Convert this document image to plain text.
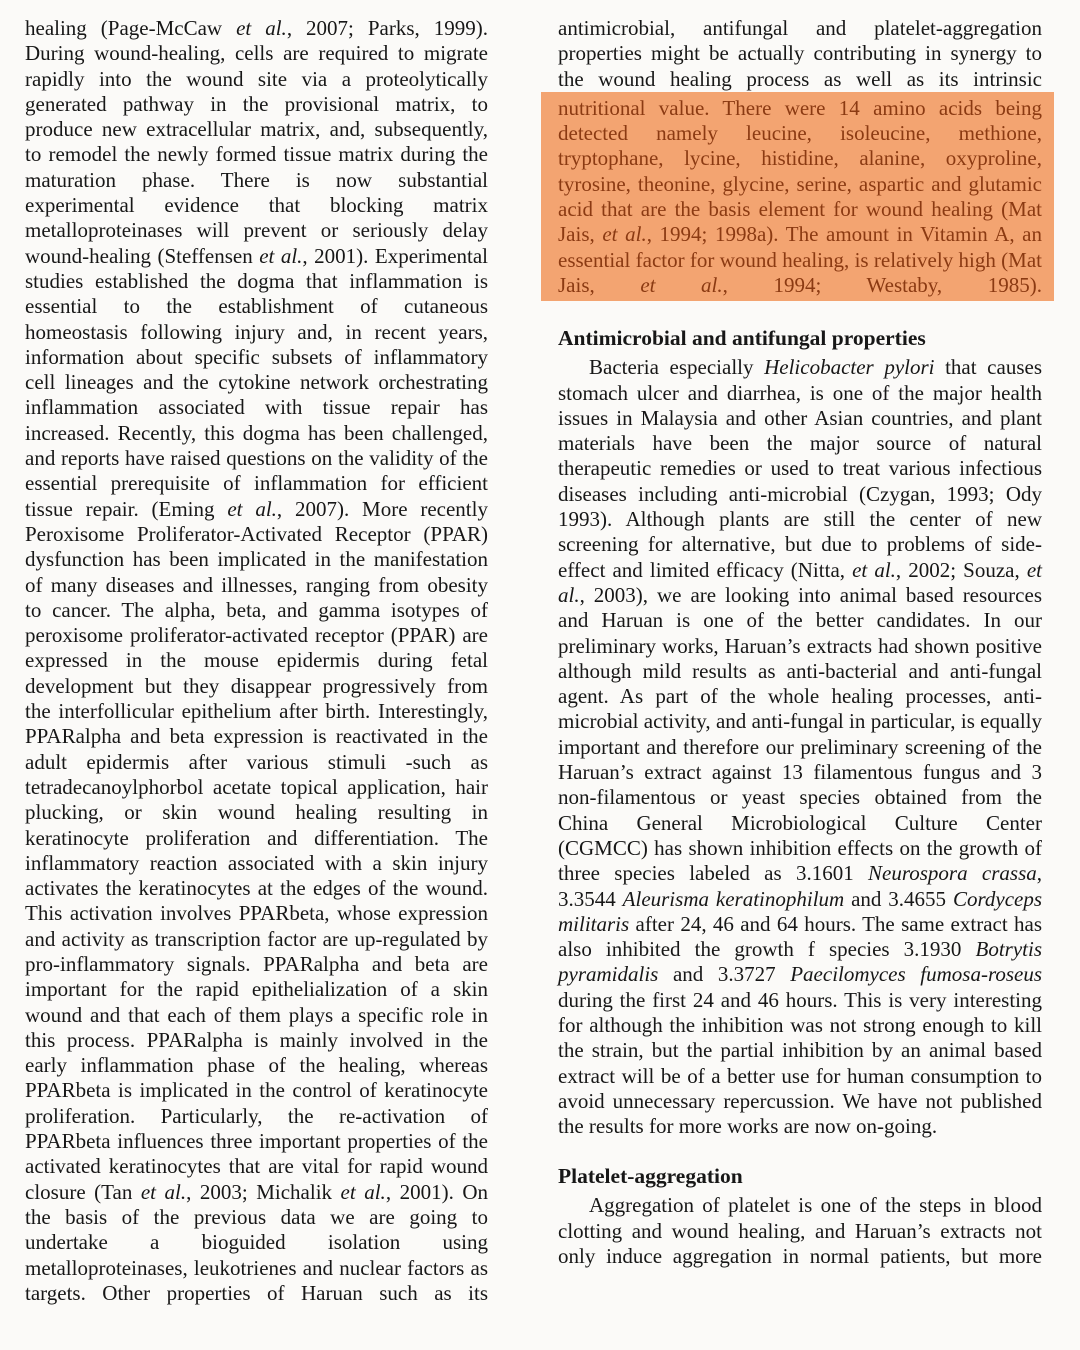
healing (Page-McCaw et al., 2007; Parks, 1999). During wound-healing, cells are required to migrate rapidly into the wound site via a proteolytically generated pathway in the provisional matrix, to produce new extracellular matrix, and, subsequently, to remodel the newly formed tissue matrix during the maturation phase. There is now substantial experimental evidence that blocking matrix metalloproteinases will prevent or seriously delay wound-healing (Steffensen et al., 2001). Experimental studies established the dogma that inflammation is essential to the establishment of cutaneous homeostasis following injury and, in recent years, information about specific subsets of inflammatory cell lineages and the cytokine network orchestrating inflammation associated with tissue repair has increased. Recently, this dogma has been challenged, and reports have raised questions on the validity of the essential prerequisite of inflammation for efficient tissue repair. (Eming et al., 2007). More recently Peroxisome Proliferator-Activated Receptor (PPAR) dysfunction has been implicated in the manifestation of many diseases and illnesses, ranging from obesity to cancer. The alpha, beta, and gamma isotypes of peroxisome proliferator-activated receptor (PPAR) are expressed in the mouse epidermis during fetal development but they disappear progressively from the interfollicular epithelium after birth. Interestingly, PPARalpha and beta expression is reactivated in the adult epidermis after various stimuli -such as tetradecanoylphorbol acetate topical application, hair plucking, or skin wound healing resulting in keratinocyte proliferation and differentiation. The inflammatory reaction associated with a skin injury activates the keratinocytes at the edges of the wound. This activation involves PPARbeta, whose expression and activity as transcription factor are up-regulated by pro-inflammatory signals. PPARalpha and beta are important for the rapid epithelialization of a skin wound and that each of them plays a specific role in this process. PPARalpha is mainly involved in the early inflammation phase of the healing, whereas PPARbeta is implicated in the control of keratinocyte proliferation. Particularly, the re-activation of PPARbeta influences three important properties of the activated keratinocytes that are vital for rapid wound closure (Tan et al., 2003; Michalik et al., 2001). On the basis of the previous data we are going to undertake a bioguided isolation using metalloproteinases, leukotrienes and nuclear factors as targets. Other properties of Haruan such as its

antimicrobial, antifungal and platelet-aggregation properties might be actually contributing in synergy to the wound healing process as well as its intrinsic

nutritional value. There were 14 amino acids being detected namely leucine, isoleucine, methione, tryptophane, lycine, histidine, alanine, oxyproline, tyrosine, theonine, glycine, serine, aspartic and glutamic acid that are the basis element for wound healing (Mat Jais, et al., 1994; 1998a). The amount in Vitamin A, an essential factor for wound healing, is relatively high (Mat Jais, et al., 1994; Westaby, 1985).

Antimicrobial and antifungal properties

Bacteria especially Helicobacter pylori that causes stomach ulcer and diarrhea, is one of the major health issues in Malaysia and other Asian countries, and plant materials have been the major source of natural therapeutic remedies or used to treat various infectious diseases including anti-microbial (Czygan, 1993; Ody 1993). Although plants are still the center of new screening for alternative, but due to problems of side-effect and limited efficacy (Nitta, et al., 2002; Souza, et al., 2003), we are looking into animal based resources and Haruan is one of the better candidates. In our preliminary works, Haruan’s extracts had shown positive although mild results as anti-bacterial and anti-fungal agent. As part of the whole healing processes, anti-microbial activity, and anti-fungal in particular, is equally important and therefore our preliminary screening of the Haruan’s extract against 13 filamentous fungus and 3 non-filamentous or yeast species obtained from the China General Microbiological Culture Center (CGMCC) has shown inhibition effects on the growth of three species labeled as 3.1601 Neurospora crassa, 3.3544 Aleurisma keratinophilum and 3.4655 Cordyceps militaris after 24, 46 and 64 hours. The same extract has also inhibited the growth f species 3.1930 Botrytis pyramidalis and 3.3727 Paecilomyces fumosa-roseus during the first 24 and 46 hours. This is very interesting for although the inhibition was not strong enough to kill the strain, but the partial inhibition by an animal based extract will be of a better use for human consumption to avoid unnecessary repercussion. We have not published the results for more works are now on-going.

Platelet-aggregation

Aggregation of platelet is one of the steps in blood clotting and wound healing, and Haruan’s extracts not only induce aggregation in normal patients, but more
